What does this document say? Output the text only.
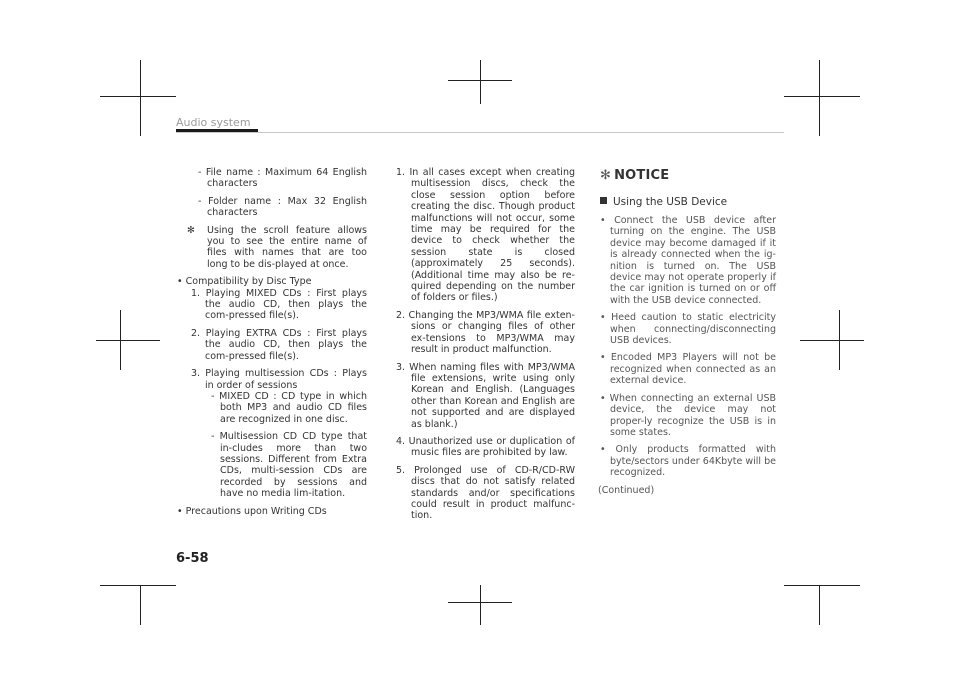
Audio system

- File name : Maximum 64 English characters

- Folder name : Max 32 English characters

✻ Using the scroll feature allows you to see the entire name of files with names that are too long to be dis-played at once.

• Compatibility by Disc Type

1. Playing MIXED CDs : First plays the audio CD, then plays the com-pressed file(s).

2. Playing EXTRA CDs : First plays the audio CD, then plays the com-pressed file(s).

3. Playing multisession CDs : Plays in order of sessions

- MIXED CD : CD type in which both MP3 and audio CD files are recognized in one disc.

- Multisession CD CD type that in-cludes more than two sessions. Different from Extra CDs, multi-session CDs are recorded by sessions and have no media lim-itation.

• Precautions upon Writing CDs

1. In all cases except when creating multisession discs, check the close session option before creating the disc. Though product malfunctions will not occur, some time may be required for the device to check whether the session state is closed (approximately 25 seconds). (Additional time may also be re-quired depending on the number of folders or files.)

2. Changing the MP3/WMA file exten-sions or changing files of other ex-tensions to MP3/WMA may result in product malfunction.

3. When naming files with MP3/WMA file extensions, write using only Korean and English. (Languages other than Korean and English are not supported and are displayed as blank.)

4. Unauthorized use or duplication of music files are prohibited by law.

5. Prolonged use of CD-R/CD-RW discs that do not satisfy related standards and/or specifications could result in product malfunc-tion.

✻ NOTICE
Using the USB Device

• Connect the USB device after turning on the engine. The USB device may become damaged if it is already connected when the ig-nition is turned on. The USB device may not operate properly if the car ignition is turned on or off with the USB device connected.

• Heed caution to static electricity when connecting/disconnecting USB devices.

• Encoded MP3 Players will not be recognized when connected as an external device.

• When connecting an external USB device, the device may not proper-ly recognize the USB is in some states.

• Only products formatted with byte/sectors under 64Kbyte will be recognized.

(Continued)

6-58
